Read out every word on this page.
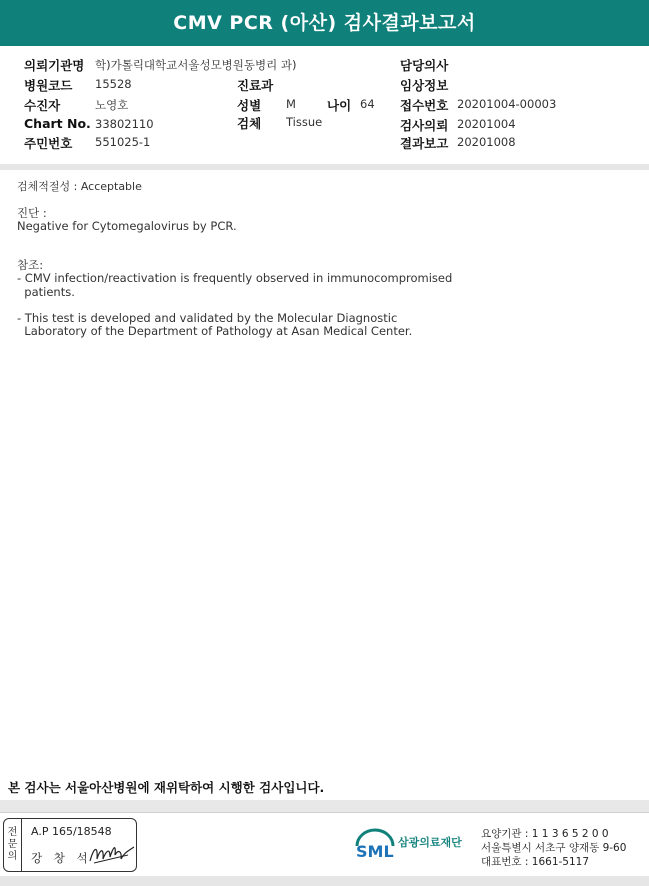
CMV PCR (아산) 검사결과보고서
의뢰기관명 학)가톨릭대학교서울성모병원동병리 과)
병원코드 15528
수진자	노영호
Chart No. 33802110
주민번호 551025-1
진료과
성별 M 나이 64
검체 Tissue
담당의사
임상정보
접수번호 20201004-00003
검사의뢰 20201004
결과보고 20201008
검체적절성 : Acceptable
진단 :
Negative for Cytomegalovirus by PCR.
참조:
- CMV infection/reactivation is frequently observed in immunocompromised
patients.
- This test is developed and validated by the Molecular Diagnostic
Laboratory of the Department of Pathology at Asan Medical Center.
본 검사는 서울아산병원에 재위탁하여 시행한 검사입니다.
전문의
A.P 165/18548
강 창 석	SML 삼광의료재단
요양기관 : 1 1 3 6 5 2 0 0
서울특별시 서초구 양재동 9-60
대표번호 : 1661-5117
